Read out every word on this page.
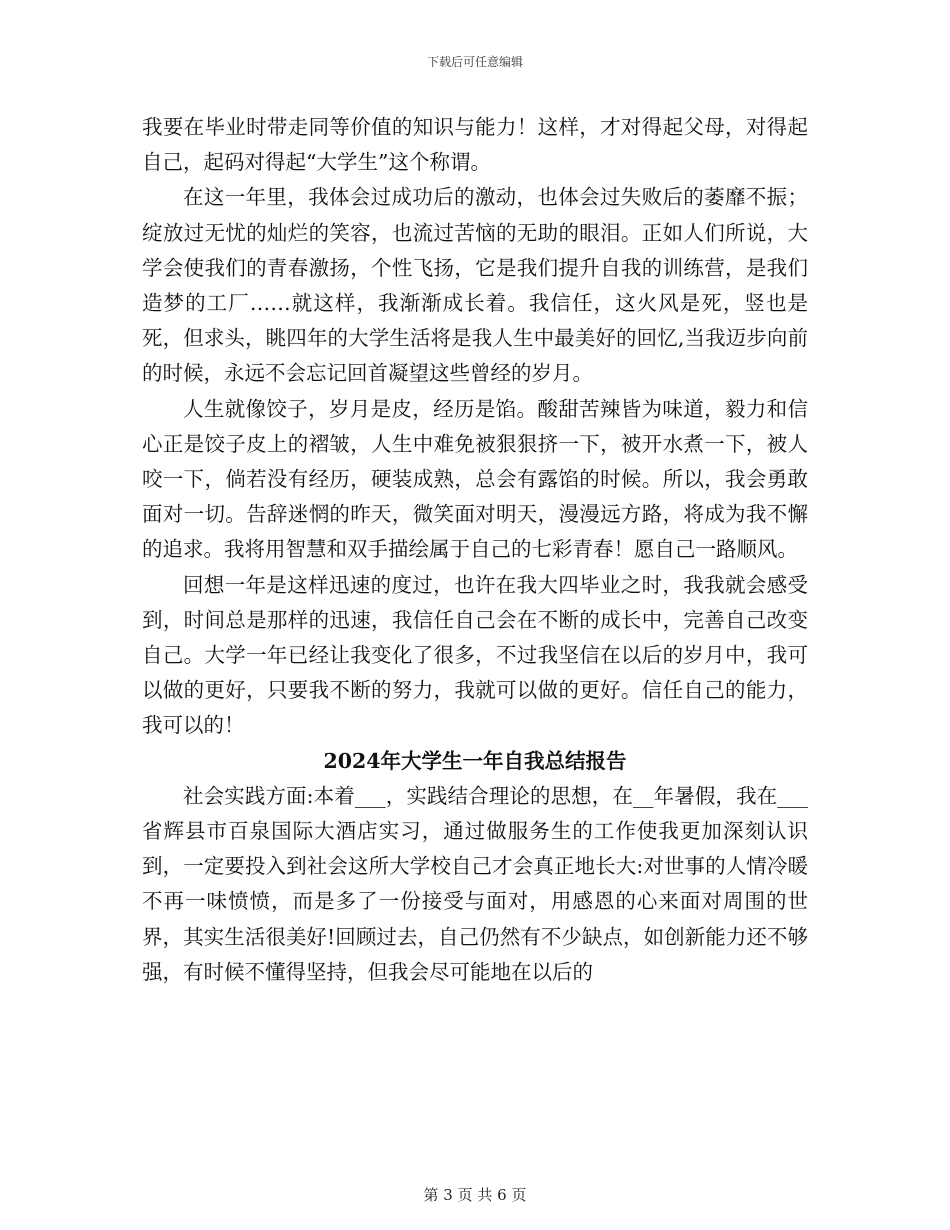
下载后可任意编辑

我要在毕业时带走同等价值的知识与能力！这样，才对得起父母，对得起自己，起码对得起“大学生”这个称谓。

在这一年里，我体会过成功后的激动，也体会过失败后的萎靡不振；绽放过无忧的灿烂的笑容，也流过苦恼的无助的眼泪。正如人们所说，大学会使我们的青春激扬，个性飞扬，它是我们提升自我的训练营，是我们造梦的工厂……就这样，我渐渐成长着。我信任，这火风是死，竖也是死，但求头，眺四年的大学生活将是我人生中最美好的回忆,当我迈步向前的时候，永远不会忘记回首凝望这些曾经的岁月。

人生就像饺子，岁月是皮，经历是馅。酸甜苦辣皆为味道，毅力和信心正是饺子皮上的褶皱，人生中难免被狠狠挤一下，被开水煮一下，被人咬一下，倘若没有经历，硬装成熟，总会有露馅的时候。所以，我会勇敢面对一切。告辞迷惘的昨天，微笑面对明天，漫漫远方路，将成为我不懈的追求。我将用智慧和双手描绘属于自己的七彩青春！愿自己一路顺风。

回想一年是这样迅速的度过，也许在我大四毕业之时，我我就会感受到，时间总是那样的迅速，我信任自己会在不断的成长中，完善自己改变自己。大学一年已经让我变化了很多，不过我坚信在以后的岁月中，我可以做的更好，只要我不断的努力，我就可以做的更好。信任自己的能力，我可以的！

2024年大学生一年自我总结报告

社会实践方面:本着___，实践结合理论的思想，在__年暑假，我在___省辉县市百泉国际大酒店实习，通过做服务生的工作使我更加深刻认识到，一定要投入到社会这所大学校自己才会真正地长大:对世事的人情冷暖不再一味愤愤，而是多了一份接受与面对，用感恩的心来面对周围的世界，其实生活很美好!回顾过去，自己仍然有不少缺点，如创新能力还不够强，有时候不懂得坚持，但我会尽可能地在以后的

第 3 页 共 6 页
